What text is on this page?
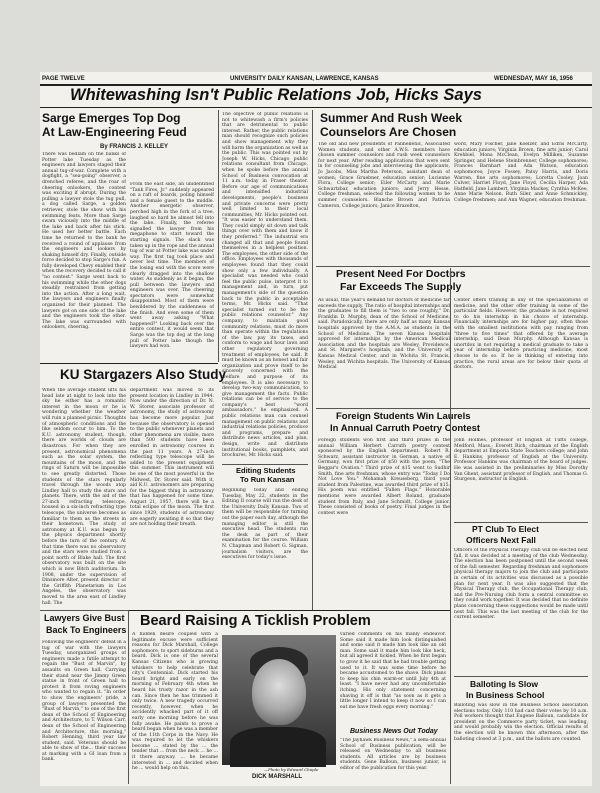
PAGE TWELVE	UNIVERSITY DAILY KANSAN, LAWRENCE, KANSAS	WEDNESDAY, MAY 16, 1956
Whitewashing Isn't Public Relations Job, Hicks Says
Sarge Emerges Top Dog
At Law-Engineering Feud
By FRANCIS J. KELLEY
There was bedlam on the banks of Potter lake Tuesday as the engineers and lawyers staged their annual tug-of-war. Complete with a dogfight, a "sea-going" observer, a drenched referee, and the roar of cheering onlookers, the contest was exciting if abrupt. During the pulling a lawyer stole the tug pull, a dog called Sarge, a golden retriever, stole the show with his swimming feats. More than Sarge swam viciously into the middle of the lake and back after his stick. He used her better battle. Each time he returned to the bank he received a round of applause from the engineers and lookers by shaking himself dry. Finally, outside force decided to stop Sarge's fun. A fully developed Chevy enabled their when the recovery decided to call it "no contest." Sarge went back to his swimming while the other dogs steadily restrained from getting into the action. After a long wait, the lawyers and engineers finally organized for their planned. The lawyers got on one side of the lake and the engineers took the other. The lake was surrounded with onlookers, cheering.
From the east side, an unidentified "Tank Fires, Jr." suddenly appeared on a raft of boards, poling himself and a female guest to the middle. Another energetic observer, perched high in the fork of a tree, laughed so hard he almost fell into the lake. Finally, the referee signalled the lawyer from his megaphone to start toward the starting signals. The slack was taken up in the rope and the annual tug of war at Potter lake was under way. The first tug took place and never lost time. The members of the losing end with the score were clearly dragged into the shallow water. As suddenly as it began, the pull between the lawyers and engineers was over. The cheering spectators were somewhat disappointed. Most of them were bewildered by the suddenness of the finish. And even some of them went away asking "What happened?" Looking back over the entire contest, it would seem that Sarge was the top dog at the long pull of Potter lake though the lawyers had won.
The objective of public relations is not to whitewash a firm's policies that are detrimental to public interest. Rather, the public relations man should recognize such policies and show management why they will harm the organization as well as the public. This was pointed out by Joseph W. Hicks, Chicago public relations consultant from Chicago, when he spoke before the annual School of Business convocation at 11 a.m. today in Fraser theater. Before our age of communications and intensified industrial developments, people's business and private concerns were pretty well limited to their local communities, Mr. Hicks pointed out. "It was easier to understand them. They could simply sit down and talk things over with them and know if they preferred." The industrial era changed all that and people found themselves in a helpless position. The employees, the other side of the office. Employees with thousands of employees found that they could show only a few individually. A specialist was needed who could feel the public pulse, interpret it to management and, in turn, put management's side of the question back to the public in acceptable terms, Mr. Hicks said. "That specialist turned out to be the public relations counselor." Any company, to maintain good community relations, must do more than operate within the regulations of the law, pay its taxes, and conform to wage and hour laws and other regulatory governing treatment of employees, he said. It must be known as an honest and fair organization and prove itself to be sincerely concerned with the welfare and purpose of its employees. It is also necessary to develop two-way communication, to give management the facts. Public relations can be of service to the company's best "word ambassadors," he emphasized. A public relations man can counsel management on public relations and industrial relations policies, produce and programs, prepare and distribute news articles, and plan, design, write and distribute institutional books, pamphlets, and brochures, Mr. Hicks said.
Editing Students
To Run Kansan
Beginning today and ending Tuesday, May 22, students in the Editing II course will run the desk of the University Daily Kansan. Two of them will be responsible for turning out the paper each day, although the managing editor is still the executive head. The students run the desk as part of their examination for the course. William N. Chapman and Robert G. Sigman, journalism visitors, are the executives for today's issue.
Summer And Rush Week
Counselors Are Chosen
The old and new presidents of Panhellenic, Associated Women students, and other A.W.S. members have chosen summer counselors and rush week counselors for next year. After reading applications that were sent in for counseling jobs and interviewing the applicants, Jo Jacobs, Miss Martha Peterson, assistant dean of women; Grace Gruebner, education senior; Lucienne Flora, College senior; Eiler McCarty and Marie Schwartzbar, education juniors; and Jerry Hesse, College freshman, selected the following women to be summer counselors. Blanche Brown and Patricia Cameron, College juniors; Janice Brazelton,
word, Mary Fischer, Jane Koelzer, and Edris McCarty, education juniors; Virginia Brown, fine arts junior; Carol Krehbiel, Mona McClean, Evelyn Milliken, Suzanne Springer, and Helene Steinbrenner, College sophomores; Frances Barnhart and Ada Watson, education sophomores; Joyce Fossey, Patsy Harris, and Doris Warren, fine arts sophomores; Loretta Cooley, Joan Culver, Harriet Floyd, Jane Floyd, Cecilia Harper, Ada Hatfield, Jane Lambert, Virginia Mackey, Cynthia McKee, Anne Marie Nelson, Ruth Siler, and Anne Schmickley, College freshmen; and Ann Wagner, education freshman.
Present Need For Doctors
Far Exceeds The Supply
As usual, this year's demand for doctors of medicine far exceeds the supply. The ratio of hospital internships and the graduates to fill them is "two to one roughly," Dr. Franklin D. Murphy, dean of the School of Medicine, said. Paradoxically, there are only half as many Kansas hospitals approved by the A.M.A. as students in the School of Medicine. The seven Kansas hospitals approved for internships by the American Medical Association and the hospitals are Wesley, Providence, and St. Margaret's hospitals, and the University of Kansas Medical Center, and in Wichita St. Francis, Wesley, and Wichita hospitals. The University of Kansas Medical
Center offers training in any of the specializations of medicine, and the other offer training in some of the particular fields. However, the graduate is not required to do his internship in his choice of internship. Financially internships are for higher pay, often those with the smallest institutions with pay ranging from "three to five times" that offered by the average internship, said Dean Murphy. Although Kansas is unortdox in not requiring a medical graduate to take a year of internship before practicing medicine, most choose to do so. If he is thinking of entering into practice, the rural areas are for below their quota of doctors.
Foreign Students Win Laurels
In Annual Carruth Poetry Contest
Foreign students won first and third prizes in the annual William Herbert Carruth poetry contest sponsored by the English department. Robert R. Schwarz, assistant instructor in German, a native of Germany, won first prize of $50 with the poem, "The Beggar's Ovation." Third prize of $15 went to Sudhir Smith, fine arts freshman, whose entry was "Today I Do Not Love You." Mohamah Kreuseberg, third year student from Palestine, was awarded third prize of $15. His poem was entitled "Fallen Flags." Honorable mentions were awarded Albert Roland, graduate student from Italy, and Jane Schmidt, College junior. These consisted of books of poetry. Final judges in the contest were
John Holmes, professor of English at Tufts college, Medford, Mass.; Everett Rich, chairman of the English department at Emporia State Teachers college; and John E. Hankins, professor of English at the University. Professor Hankins was chairman of the board of judges. He was assisted in the preliminaries by Miss Dorothy Van Ghent, assistant professor of English, and Thomas G. Sturgeon, instructor in English.
PT Club To Elect
Officers Next Fall
Officers of the Physical Therapy club will be elected next fall, it was decided at a meeting of the club Wednesday. The election has been postponed until the second week of the fall semester. Regarding freshman and sophomore physical therapy majors to join the club and participate in certain of its activities was discussed as a possible plan for next year. It was also suggested that the Physical Therapy club, the Occupational Therapy club, and the Pre-Nursing club form a central committee so they could work together. It was decided that no definite plans concerning these suggestions would be made until next fall. This was the last meeting of the club for the current semester.
Balloting Is Slow
In Business School
Balloting was slow in the Business School association elections today. Only 110 had cast their votes by 10 a.m. Poll workers thought that Eugene Balloun, candidate for president on the Commerce party ticket, was leading, and would probably win the election. Official results of the election will be known this afternoon, after the balloting closed at 3 p.m., and the ballots are counted.
KU Stargazers Also Study
When the average student lifts his head late at night to look into the sky he either has a romantic interest in the moon or he is wondering whether the weather will ruin a planned picnic. Thoughts of atmospheric conditions and the like seldom occur to him. To the K.U. astronomy student, though, there are worlds of clouds are disastrous. For when they are present, astronomical phenomena such as the solar system, the mountains of the moon, and the rings of Saturn will be impossible to see greatly distorted. Those students of the stars regularly travel through the woods atop Lindley hall to study the stars and planets. There, with the aid of the 27-inch refracting telescope, housed in a six-inch refracting type telescope, the universe becomes as familiar to them as the streets in their hometown. The study of astronomy at K.U. was begun by the physics department shortly before the turn of the century. At that time there was no observatory and the stars were studied from a point north of Blake hall. The first observatory was built on the site which is now Bitch auditorium. In 1908, under the supervision of Dinsmore Alter, present director of the Griffith Planetarium in Los Angeles, the observatory was moved to the area east of Lindley hall. The
department was moved to its present location in Lindley in 1944. Now under the direction of Dr. N. W. Storer, associate professor of astronomy, the study of astronomy has become more popular. Just because the observatory is opened to the public whenever planets and other phenomena are visible, more than 500 students have been enrolled in astronomy courses in the past 11 years. A 27-inch reflecting type telescope will be added to the present equipment this summer. This instrument will be one of the most powerful in the Midwest, Dr. Storer said. With it, aid K.U. astronomers are preparing for the biggest thing in astronomy that has happened for some time. August 21, 1957, there will be a total eclipse of the moon. The first since 1929, students of astronomy are eagerly awaiting it so that they are not holding their breath.
Lawyers Give Bust
Back To Engineers
Following the engineers' defeat in a tug of war with the lawyers Tuesday, unorganized groups of engineers made a futile attempt to regain the "Bust of Marvin", by assaults on Green hall. Carrying their stand near the Jimmy Green statue in front of Green hall to protect it from roving engineers who wanted to regain it. "In order to show the engineers' pride, a group of lawyers presented the "Bust of Marvin," to one of the first dean of the School of Engineering and Architecture, to T. Wilson Carr, dean of the School of Engineering and Architecture, this morning," Robert Henning, third year law student, said. Veterans should be able to show of the... their success at marking with a GI loan from a bank.
Beard Raising A Ticklish Problem
A hidden desire coupled with a legitimate excuse were sufficient reasons for Dick Marshall, College sophomore, to sport sideburns and a beard. Dick is one of the several Kansas Citizens who is growing whiskers to help celebrate that city's Centennial. Dick started his beard bright and early on the morning of February 4th when he heard his trusty razor in the ash can. Since then he has trimmed it only twice. A new tragedy occurred recently, however, when he accidently whacked part of it off early one morning before he was fully awake. He paints to prove a beard began when he was a member of the 11th Corps in the Navy. He was required to let the whiskers become ... stated by the ... the tender that ... from the neck ... he ... it there anyway. ... he became interested in ... and decided when he ... would help on this.	—Photo by Edward Chaple
DICK MARSHALL
varied comments on his manly endeavor. Some said it made him look distinguished and some said it made him look like an old man. Some said it made him look like heck, but all agreed it tickled. When he first began to grow it he said that he had trouble getting used to it. It was some time before he became accustomed to the shave. Dick plans to keep his chin warm-er until July 4th at least. "I have never had any uncomfortable itching. His only statement concerning shaving it off is that "as soon as it gets a little longer I intend to keep it now so I can eat me have fresh eggs every morning."
Business News Out Today
"The Jayhawk Business News," a semi-annual School of Business publication, will be released on Wednesday to all business students. All articles are by business students. Gene Balloun, business junior, is editor of the publication for this year.
